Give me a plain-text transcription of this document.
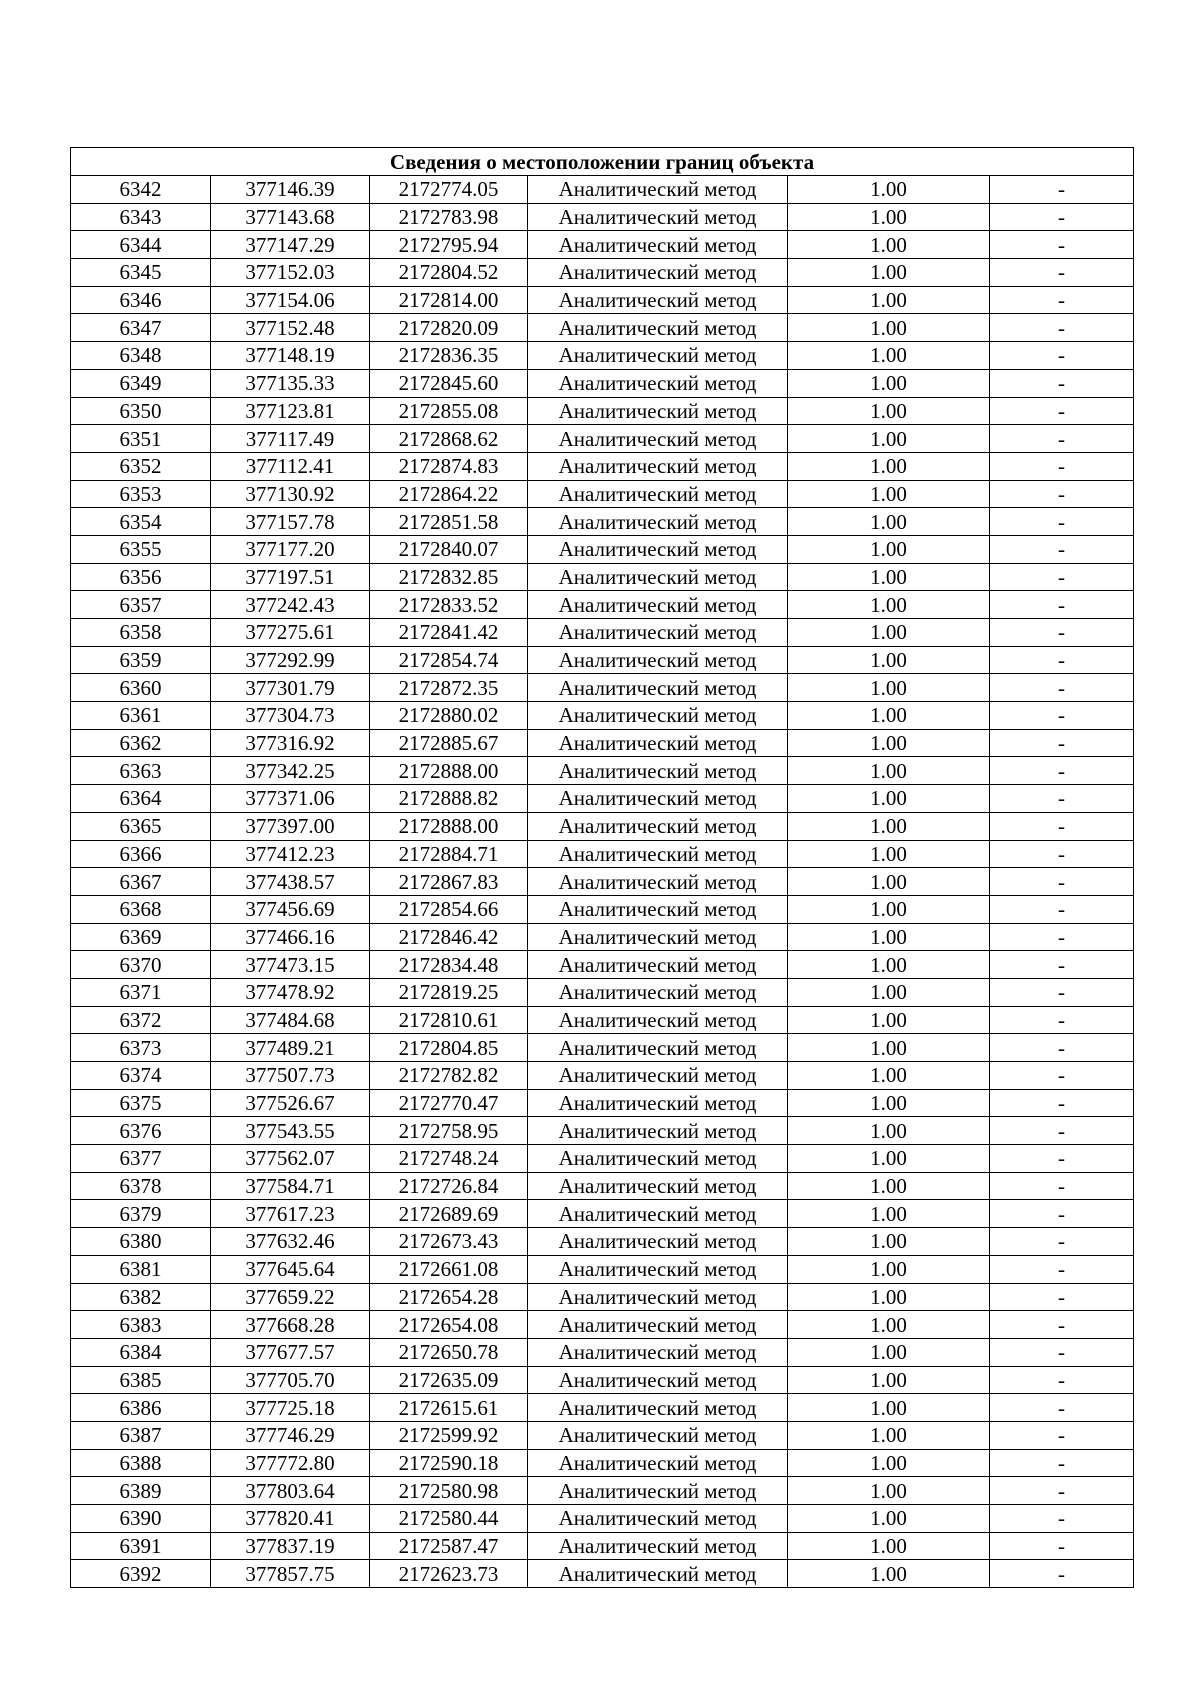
Сведения о местоположении границ объекта					
6342	377146.39	2172774.05	Аналитический метод	1.00	-
6343	377143.68	2172783.98	Аналитический метод	1.00	-
6344	377147.29	2172795.94	Аналитический метод	1.00	-
6345	377152.03	2172804.52	Аналитический метод	1.00	-
6346	377154.06	2172814.00	Аналитический метод	1.00	-
6347	377152.48	2172820.09	Аналитический метод	1.00	-
6348	377148.19	2172836.35	Аналитический метод	1.00	-
6349	377135.33	2172845.60	Аналитический метод	1.00	-
6350	377123.81	2172855.08	Аналитический метод	1.00	-
6351	377117.49	2172868.62	Аналитический метод	1.00	-
6352	377112.41	2172874.83	Аналитический метод	1.00	-
6353	377130.92	2172864.22	Аналитический метод	1.00	-
6354	377157.78	2172851.58	Аналитический метод	1.00	-
6355	377177.20	2172840.07	Аналитический метод	1.00	-
6356	377197.51	2172832.85	Аналитический метод	1.00	-
6357	377242.43	2172833.52	Аналитический метод	1.00	-
6358	377275.61	2172841.42	Аналитический метод	1.00	-
6359	377292.99	2172854.74	Аналитический метод	1.00	-
6360	377301.79	2172872.35	Аналитический метод	1.00	-
6361	377304.73	2172880.02	Аналитический метод	1.00	-
6362	377316.92	2172885.67	Аналитический метод	1.00	-
6363	377342.25	2172888.00	Аналитический метод	1.00	-
6364	377371.06	2172888.82	Аналитический метод	1.00	-
6365	377397.00	2172888.00	Аналитический метод	1.00	-
6366	377412.23	2172884.71	Аналитический метод	1.00	-
6367	377438.57	2172867.83	Аналитический метод	1.00	-
6368	377456.69	2172854.66	Аналитический метод	1.00	-
6369	377466.16	2172846.42	Аналитический метод	1.00	-
6370	377473.15	2172834.48	Аналитический метод	1.00	-
6371	377478.92	2172819.25	Аналитический метод	1.00	-
6372	377484.68	2172810.61	Аналитический метод	1.00	-
6373	377489.21	2172804.85	Аналитический метод	1.00	-
6374	377507.73	2172782.82	Аналитический метод	1.00	-
6375	377526.67	2172770.47	Аналитический метод	1.00	-
6376	377543.55	2172758.95	Аналитический метод	1.00	-
6377	377562.07	2172748.24	Аналитический метод	1.00	-
6378	377584.71	2172726.84	Аналитический метод	1.00	-
6379	377617.23	2172689.69	Аналитический метод	1.00	-
6380	377632.46	2172673.43	Аналитический метод	1.00	-
6381	377645.64	2172661.08	Аналитический метод	1.00	-
6382	377659.22	2172654.28	Аналитический метод	1.00	-
6383	377668.28	2172654.08	Аналитический метод	1.00	-
6384	377677.57	2172650.78	Аналитический метод	1.00	-
6385	377705.70	2172635.09	Аналитический метод	1.00	-
6386	377725.18	2172615.61	Аналитический метод	1.00	-
6387	377746.29	2172599.92	Аналитический метод	1.00	-
6388	377772.80	2172590.18	Аналитический метод	1.00	-
6389	377803.64	2172580.98	Аналитический метод	1.00	-
6390	377820.41	2172580.44	Аналитический метод	1.00	-
6391	377837.19	2172587.47	Аналитический метод	1.00	-
6392	377857.75	2172623.73	Аналитический метод	1.00	-
